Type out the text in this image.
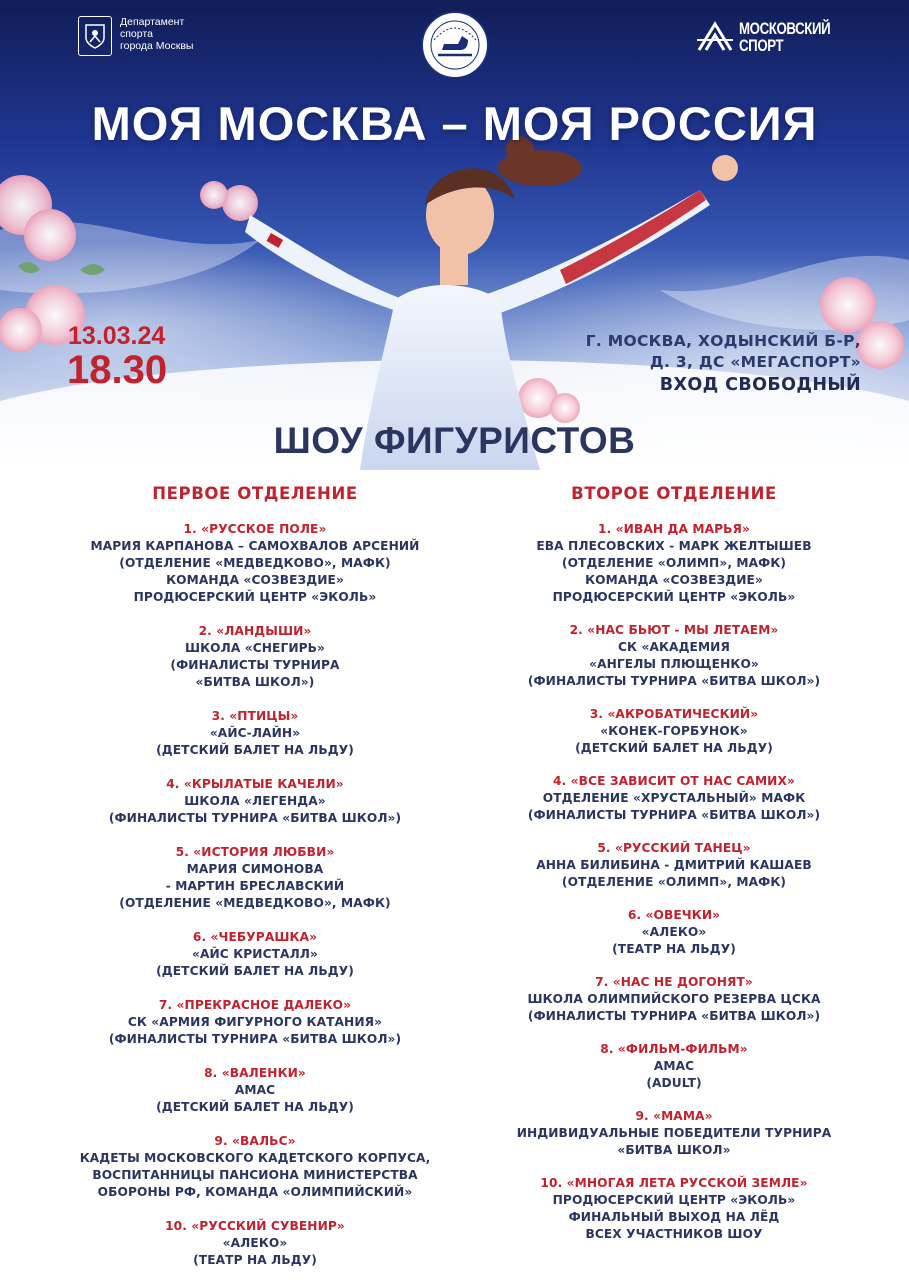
Департамент
спорта
города Москвы
МОСКОВСКИЙ
СПОРТ
МОЯ МОСКВА – МОЯ РОССИЯ
13.03.24
18.30
Г. МОСКВА, ХОДЫНСКИЙ Б-Р,
Д. 3, ДС «МЕГАСПОРТ»
ВХОД СВОБОДНЫЙ
ШОУ ФИГУРИСТОВ
ПЕРВОЕ ОТДЕЛЕНИЕ
1. «РУССКОЕ ПОЛЕ»
МАРИЯ КАРПАНОВА – САМОХВАЛОВ АРСЕНИЙ
(ОТДЕЛЕНИЕ «МЕДВЕДКОВО», МАФК)
КОМАНДА «СОЗВЕЗДИЕ»
ПРОДЮСЕРСКИЙ ЦЕНТР «ЭКОЛЬ»
2. «ЛАНДЫШИ»
ШКОЛА «СНЕГИРЬ»
(ФИНАЛИСТЫ ТУРНИРА
«БИТВА ШКОЛ»)
3. «ПТИЦЫ»
«АЙС-ЛАЙН»
(ДЕТСКИЙ БАЛЕТ НА ЛЬДУ)
4. «КРЫЛАТЫЕ КАЧЕЛИ»
ШКОЛА «ЛЕГЕНДА»
(ФИНАЛИСТЫ ТУРНИРА «БИТВА ШКОЛ»)
5. «ИСТОРИЯ ЛЮБВИ»
МАРИЯ СИМОНОВА
- МАРТИН БРЕСЛАВСКИЙ
(ОТДЕЛЕНИЕ «МЕДВЕДКОВО», МАФК)
6. «ЧЕБУРАШКА»
«АЙС КРИСТАЛЛ»
(ДЕТСКИЙ БАЛЕТ НА ЛЬДУ)
7. «ПРЕКРАСНОЕ ДАЛЕКО»
СК «АРМИЯ ФИГУРНОГО КАТАНИЯ»
(ФИНАЛИСТЫ ТУРНИРА «БИТВА ШКОЛ»)
8. «ВАЛЕНКИ»
АМАС
(ДЕТСКИЙ БАЛЕТ НА ЛЬДУ)
9. «ВАЛЬС»
КАДЕТЫ МОСКОВСКОГО КАДЕТСКОГО КОРПУСА,
ВОСПИТАННИЦЫ ПАНСИОНА МИНИСТЕРСТВА
ОБОРОНЫ РФ, КОМАНДА «ОЛИМПИЙСКИЙ»
10. «РУССКИЙ СУВЕНИР»
«АЛЕКО»
(ТЕАТР НА ЛЬДУ)
ВТОРОЕ ОТДЕЛЕНИЕ
1. «ИВАН ДА МАРЬЯ»
ЕВА ПЛЕСОВСКИХ - МАРК ЖЕЛТЫШЕВ
(ОТДЕЛЕНИЕ «ОЛИМП», МАФК)
КОМАНДА «СОЗВЕЗДИЕ»
ПРОДЮСЕРСКИЙ ЦЕНТР «ЭКОЛЬ»
2. «НАС БЬЮТ - МЫ ЛЕТАЕМ»
СК «АКАДЕМИЯ
«АНГЕЛЫ ПЛЮЩЕНКО»
(ФИНАЛИСТЫ ТУРНИРА «БИТВА ШКОЛ»)
3. «АКРОБАТИЧЕСКИЙ»
«КОНЕК-ГОРБУНОК»
(ДЕТСКИЙ БАЛЕТ НА ЛЬДУ)
4. «ВСЕ ЗАВИСИТ ОТ НАС САМИХ»
ОТДЕЛЕНИЕ «ХРУСТАЛЬНЫЙ» МАФК
(ФИНАЛИСТЫ ТУРНИРА «БИТВА ШКОЛ»)
5. «РУССКИЙ ТАНЕЦ»
АННА БИЛИБИНА - ДМИТРИЙ КАШАЕВ
(ОТДЕЛЕНИЕ «ОЛИМП», МАФК)
6. «ОВЕЧКИ»
«АЛЕКО»
(ТЕАТР НА ЛЬДУ)
7. «НАС НЕ ДОГОНЯТ»
ШКОЛА ОЛИМПИЙСКОГО РЕЗЕРВА ЦСКА
(ФИНАЛИСТЫ ТУРНИРА «БИТВА ШКОЛ»)
8. «ФИЛЬМ-ФИЛЬМ»
АМАС
(ADULT)
9. «МАМА»
ИНДИВИДУАЛЬНЫЕ ПОБЕДИТЕЛИ ТУРНИРА
«БИТВА ШКОЛ»
10. «МНОГАЯ ЛЕТА РУССКОЙ ЗЕМЛЕ»
ПРОДЮСЕРСКИЙ ЦЕНТР «ЭКОЛЬ»
ФИНАЛЬНЫЙ ВЫХОД НА ЛЁД
ВСЕХ УЧАСТНИКОВ ШОУ
